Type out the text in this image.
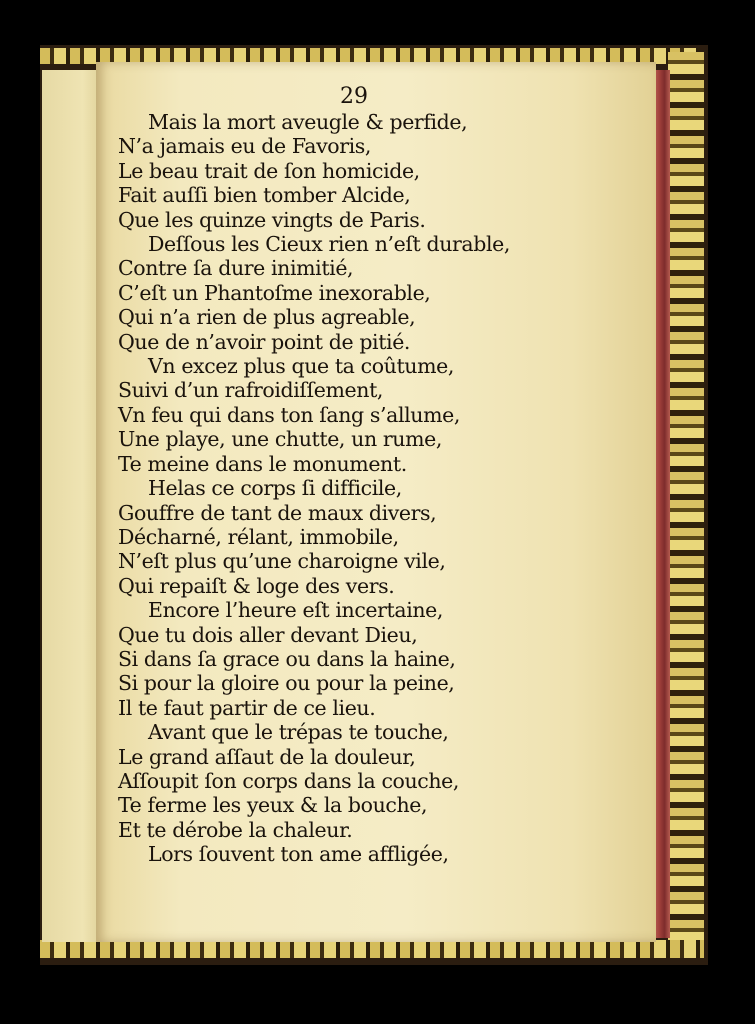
29
Mais la mort aveugle & perfide,
N’a jamais eu de Favoris,
Le beau trait de ſon homicide,
Fait auſſi bien tomber Alcide,
Que les quinze vingts de Paris.
Deſſous les Cieux rien n’eſt durable,
Contre ſa dure inimitié,
C’eſt un Phantoſme inexorable,
Qui n’a rien de plus agreable,
Que de n’avoir point de pitié.
Vn excez plus que ta coûtume,
Suivi d’un rafroidiſſement,
Vn feu qui dans ton ſang s’allume,
Une playe, une chutte, un rume,
Te meine dans le monument.
Helas ce corps ſi difficile,
Gouffre de tant de maux divers,
Décharné, rélant, immobile,
N’eſt plus qu’une charoigne vile,
Qui repaiſt & loge des vers.
Encore l’heure eſt incertaine,
Que tu dois aller devant Dieu,
Si dans ſa grace ou dans la haine,
Si pour la gloire ou pour la peine,
Il te faut partir de ce lieu.
Avant que le trépas te touche,
Le grand aſſaut de la douleur,
Aſſoupit ſon corps dans la couche,
Te ferme les yeux & la bouche,
Et te dérobe la chaleur.
Lors ſouvent ton ame affligée,
